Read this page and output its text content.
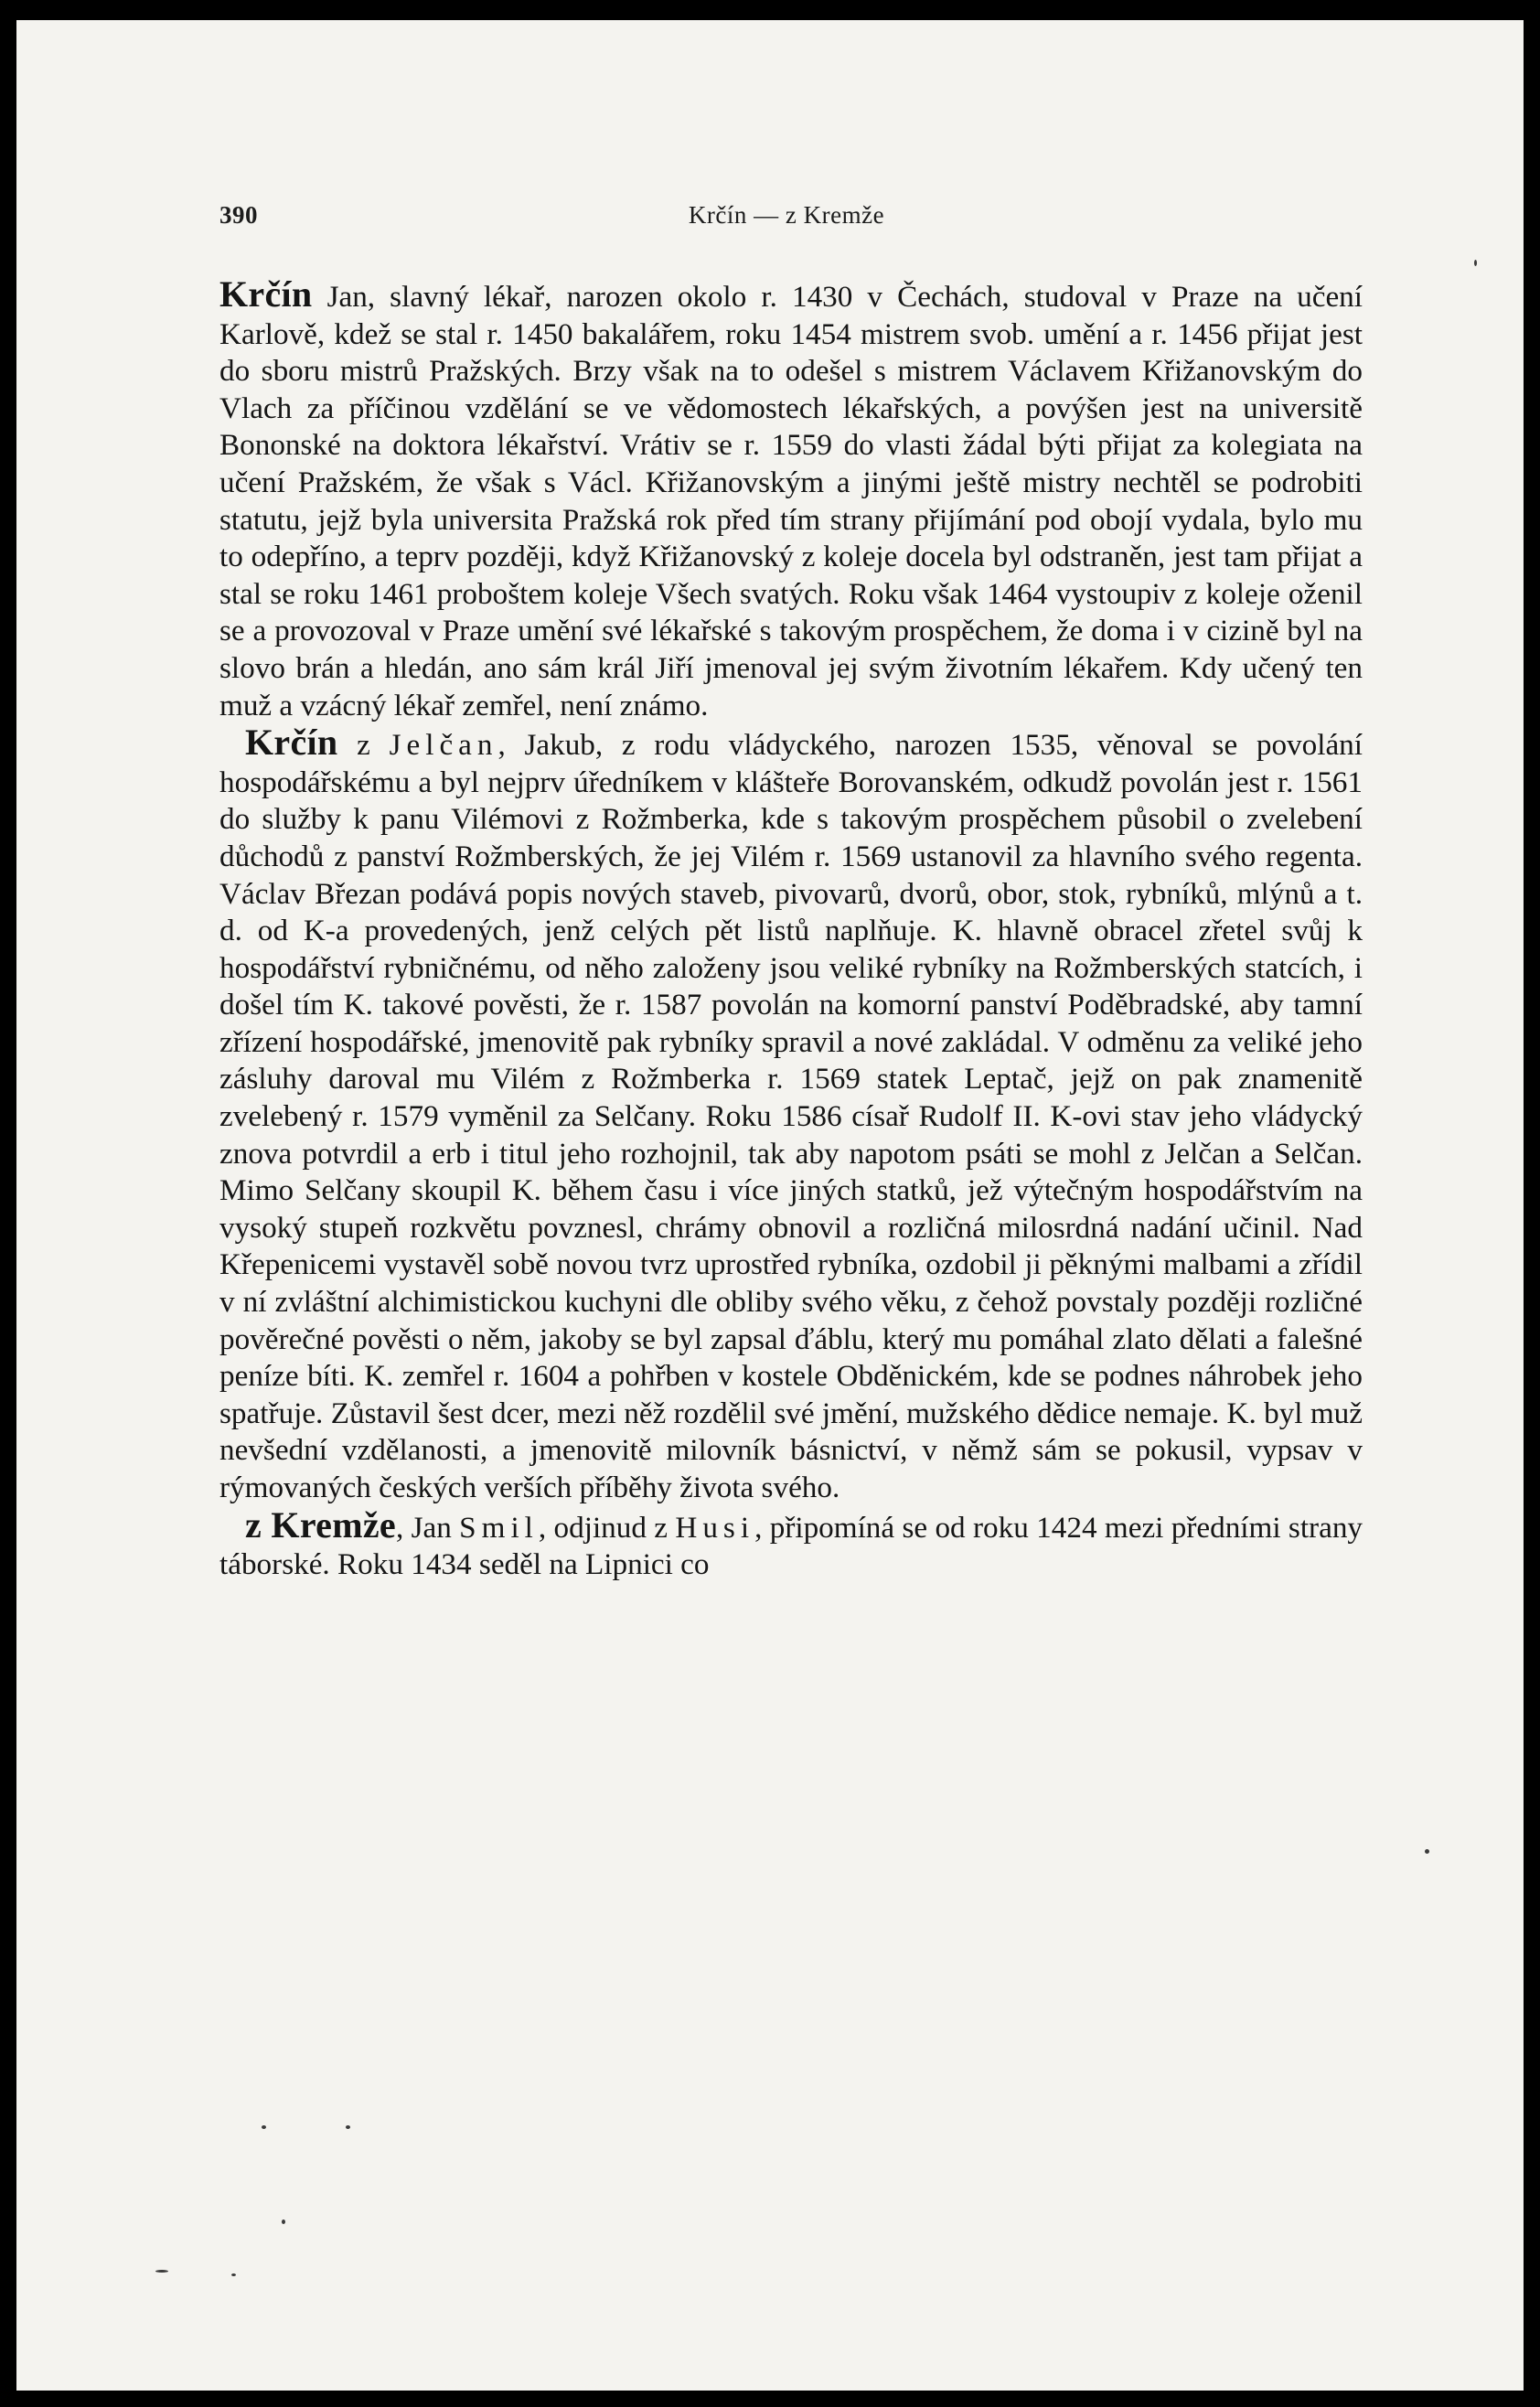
390	Krčín — z Kremže

Krčín Jan, slavný lékař, narozen okolo r. 1430 v Čechách, studoval v Praze na učení Karlově, kdež se stal r. 1450 bakalářem, roku 1454 mistrem svob. umění a r. 1456 přijat jest do sboru mistrů Pražských. Brzy však na to odešel s mistrem Václavem Křižanovským do Vlach za příčinou vzdělání se ve vědomostech lékařských, a povýšen jest na universitě Bononské na doktora lékařství. Vrátiv se r. 1559 do vlasti žádal býti přijat za kolegiata na učení Pražském, že však s Václ. Křižanovským a jinými ještě mistry nechtěl se podrobiti statutu, jejž byla universita Pražská rok před tím strany přijímání pod obojí vydala, bylo mu to odepříno, a teprv později, když Křižanovský z koleje docela byl odstraněn, jest tam přijat a stal se roku 1461 proboštem koleje Všech svatých. Roku však 1464 vystoupiv z koleje oženil se a provozoval v Praze umění své lékařské s takovým prospěchem, že doma i v cizině byl na slovo brán a hledán, ano sám král Jiří jmenoval jej svým životním lékařem. Kdy učený ten muž a vzácný lékař zemřel, není známo.

Krčín z Jelčan, Jakub, z rodu vládyckého, narozen 1535, věnoval se povolání hospodářskému a byl nejprv úředníkem v klášteře Borovanském, odkudž povolán jest r. 1561 do služby k panu Vilémovi z Rožmberka, kde s takovým prospěchem působil o zvelebení důchodů z panství Rožmberských, že jej Vilém r. 1569 ustanovil za hlavního svého regenta. Václav Březan podává popis nových staveb, pivovarů, dvorů, obor, stok, rybníků, mlýnů a t. d. od K-a provedených, jenž celých pět listů naplňuje. K. hlavně obracel zřetel svůj k hospodářství rybničnému, od něho založeny jsou veliké rybníky na Rožmberských statcích, i došel tím K. takové pověsti, že r. 1587 povolán na komorní panství Poděbradské, aby tamní zřízení hospodářské, jmenovitě pak rybníky spravil a nové zakládal. V odměnu za veliké jeho zásluhy daroval mu Vilém z Rožmberka r. 1569 statek Leptač, jejž on pak znamenitě zvelebený r. 1579 vyměnil za Selčany. Roku 1586 císař Rudolf II. K-ovi stav jeho vládycký znova potvrdil a erb i titul jeho rozhojnil, tak aby napotom psáti se mohl z Jelčan a Selčan. Mimo Selčany skoupil K. během času i více jiných statků, jež výtečným hospodářstvím na vysoký stupeň rozkvětu povznesl, chrámy obnovil a rozličná milosrdná nadání učinil. Nad Křepenicemi vystavěl sobě novou tvrz uprostřed rybníka, ozdobil ji pěknými malbami a zřídil v ní zvláštní alchimistickou kuchyni dle obliby svého věku, z čehož povstaly později rozličné pověrečné pověsti o něm, jakoby se byl zapsal ďáblu, který mu pomáhal zlato dělati a falešné peníze bíti. K. zemřel r. 1604 a pohřben v kostele Obděnickém, kde se podnes náhrobek jeho spatřuje. Zůstavil šest dcer, mezi něž rozdělil své jmění, mužského dědice nemaje. K. byl muž nevšední vzdělanosti, a jmenovitě milovník básnictví, v němž sám se pokusil, vypsav v rýmovaných českých verších příběhy života svého.

z Kremže, Jan Smil, odjinud z Husi, připomíná se od roku 1424 mezi předními strany táborské. Roku 1434 seděl na Lipnici co
